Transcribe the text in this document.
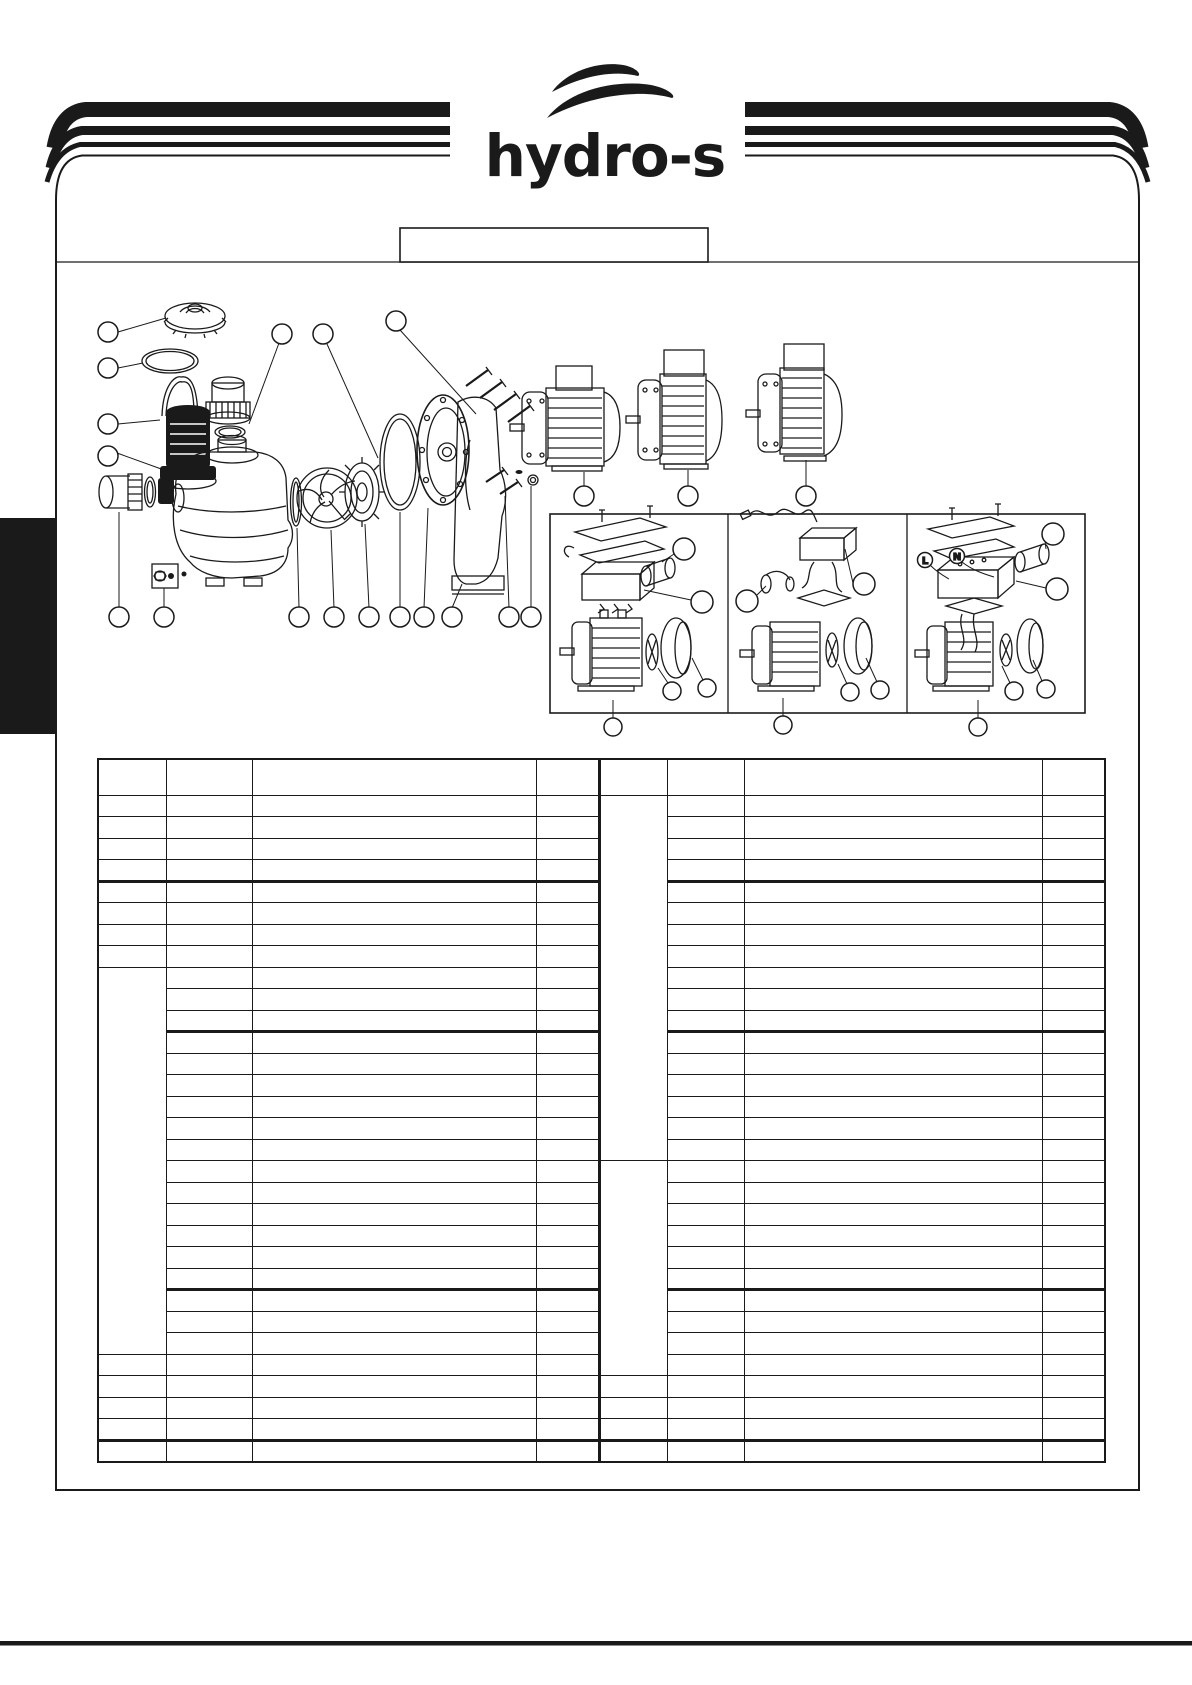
hydro-s
L N
